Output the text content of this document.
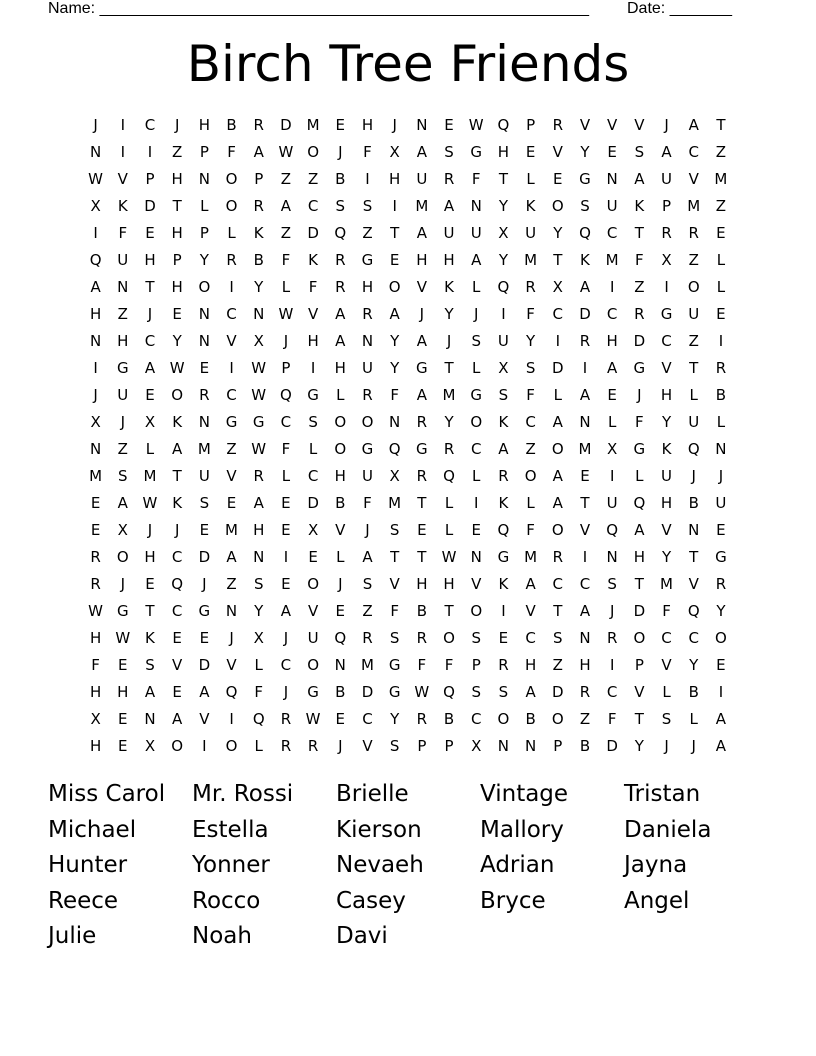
Name: _______________________________________________________ Date: _______
Birch Tree Friends
J	I	C	J	H	B	R	D M	E	H	J	N	E	W Q	P	R	V	V	V	J	A	T
N	I	I	Z	P	F	A W O	J	F	X	A	S	G	H	E	V	Y	E	S	A	C	Z
W V	P	H	N	O	P	Z	Z	B	I	H	U	R	F	T	L	E	G	N	A	U	V	M
X	K	D	T	L	O	R	A	C	S	S	I	M	A	N	Y	K	O	S	U	K	P	M	Z
I	F	E	H	P	L	K	Z	D	Q	Z	T	A	U	U	X	U	Y	Q	C	T	R	R	E
Q	U	H	P	Y	R	B	F	K	R	G	E	H	H	A	Y	M	T	K	M	F	X	Z	L
A	N	T	H	O	I	Y	L	F	R	H	O	V	K	L	Q	R	X	A	I	Z	I	O	L
H	Z	J	E	N	C	N W V	A	R	A	J	Y	J	I	F	C	D	C	R	G	U	E
N	H	C	Y	N	V	X	J	H	A	N	Y	A	J	S	U	Y	I	R	H	D	C	Z	I
I	G	A W	E	I	W	P	I	H	U	Y	G	T	L	X	S	D	I	A	G	V	T	R
J	U	E	O	R	C W Q	G	L	R	F	A	M G	S	F	L	A	E	J	H	L	B
X	J	X	K	N	G	G	C	S	O	O	N	R	Y	O	K	C	A	N	L	F	Y	U	L
N	Z	L	A	M	Z W	F	L	O	G	Q	G	R	C	A	Z	O M	X	G	K	Q	N
M	S	M	T	U	V	R	L	C	H	U	X	R	Q	L	R	O	A	E	I	L	U	J	J
E	A W K	S	E	A	E	D	B	F	M	T	L	I	K	L	A	T	U	Q	H	B	U
E	X	J	J	E	M	H	E	X	V	J	S	E	L	E	Q	F	O	V	Q	A	V	N	E
R	O	H	C	D	A	N	I	E	L	A	T	T	W N	G M	R	I	N	H	Y	T	G
R	J	E	Q	J	Z	S	E	O	J	S	V	H	H	V	K	A	C	C	S	T	M	V	R
W G	T	C	G	N	Y	A	V	E	Z	F	B	T	O	I	V	T	A	J	D	F	Q	Y
H W K	E	E	J	X	J	U	Q	R	S	R	O	S	E	C	S	N	R	O	C	C	O
F	E	S	V	D	V	L	C	O	N	M G	F	F	P	R	H	Z	H	I	P	V	Y	E
H	H	A	E	A	Q	F	J	G	B	D	G W Q	S	S	A	D	R	C	V	L	B	I
X	E	N	A	V	I	Q	R W	E	C	Y	R	B	C	O	B	O	Z	F	T	S	L	A
H	E	X	O	I	O	L	R	R	J	V	S	P	P	X	N	N	P	B	D	Y	J	J	A
Miss Carol	Mr. Rossi	Brielle	Vintage	Tristan
Michael	Estella	Kierson	Mallory	Daniela
Hunter	Yonner	Nevaeh	Adrian	Jayna
Reece	Rocco	Casey	Bryce	Angel
Julie	Noah	Davi
